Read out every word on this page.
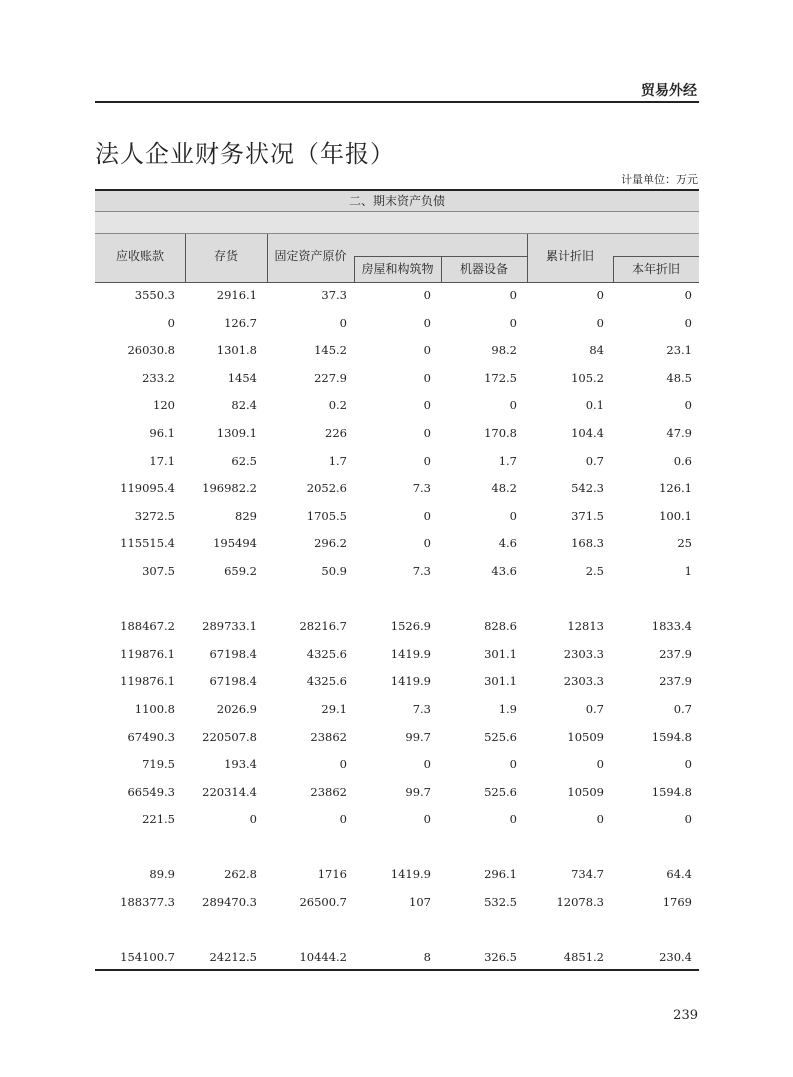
贸易外经
法人企业财务状况（年报）
计量单位：万元
二、期末资产负债
应收账款	存货	固定资产原价
房屋和构筑物	机器设备
累计折旧
本年折旧
3550.3	2916.1	37.3	0	0	0	0
0	126.7	0	0	0	0	0
26030.8	1301.8	145.2	0	98.2	84	23.1
233.2	1454	227.9	0	172.5	105.2	48.5
120	82.4	0.2	0	0	0.1	0
96.1	1309.1	226	0	170.8	104.4	47.9
17.1	62.5	1.7	0	1.7	0.7	0.6
119095.4 196982.2	2052.6	7.3	48.2	542.3	126.1
3272.5	829	1705.5	0	0	371.5	100.1
115515.4	195494	296.2	0	4.6	168.3	25
307.5	659.2	50.9	7.3	43.6	2.5	1
188467.2 289733.1	28216.7	1526.9	828.6	12813	1833.4
119876.1	67198.4	4325.6	1419.9	301.1	2303.3	237.9
119876.1	67198.4	4325.6	1419.9	301.1	2303.3	237.9
1100.8	2026.9	29.1	7.3	1.9	0.7	0.7
67490.3 220507.8	23862	99.7	525.6	10509	1594.8
719.5	193.4	0	0	0	0	0
66549.3 220314.4	23862	99.7	525.6	10509	1594.8
221.5	0	0	0	0	0	0
89.9	262.8	1716	1419.9	296.1	734.7	64.4
188377.3 289470.3	26500.7	107	532.5	12078.3	1769
154100.7	24212.5	10444.2	8	326.5	4851.2	230.4
239
